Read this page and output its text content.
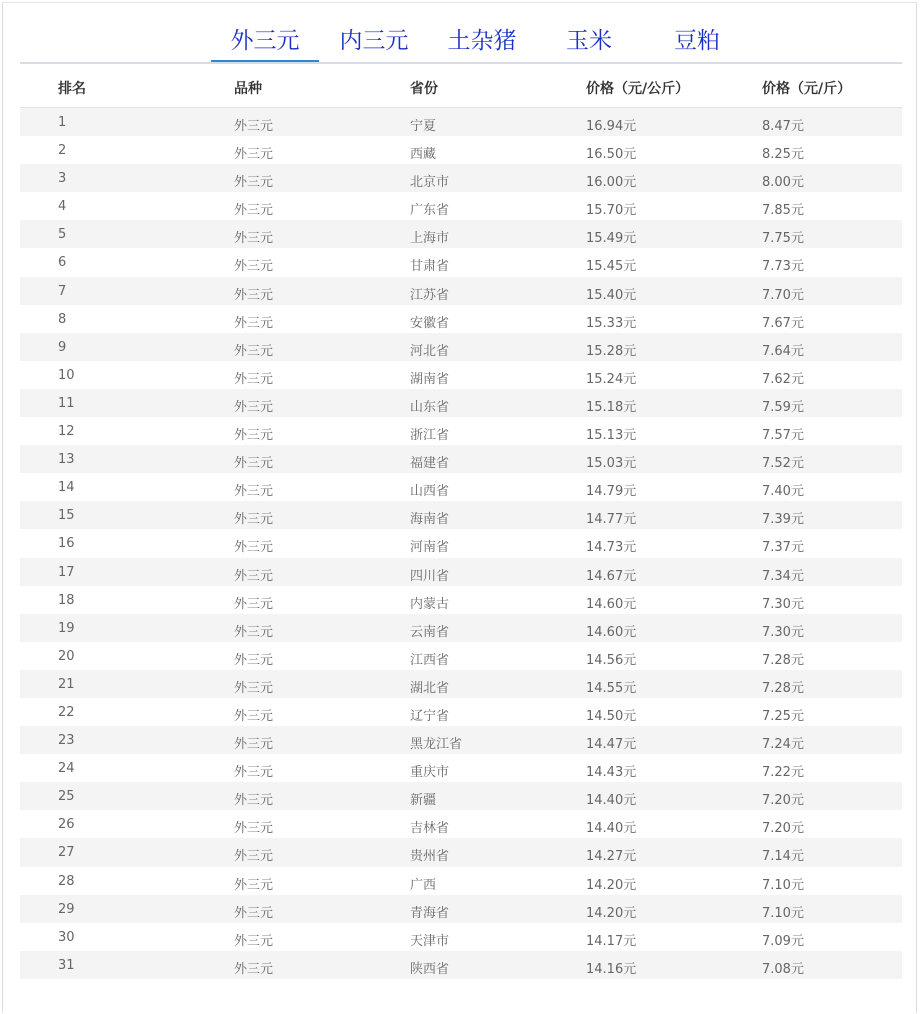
外三元	内三元	土杂猪	玉米	豆粕
排名	品种	省份	价格（元/公斤）	价格（元/斤）
1	外三元	宁夏	16.94元	8.47元
2	外三元	西藏	16.50元	8.25元
3	外三元	北京市	16.00元	8.00元
4	外三元	广东省	15.70元	7.85元
5	外三元	上海市	15.49元	7.75元
6	外三元	甘肃省	15.45元	7.73元
7	外三元	江苏省	15.40元	7.70元
8	外三元	安徽省	15.33元	7.67元
9	外三元	河北省	15.28元	7.64元
10	外三元	湖南省	15.24元	7.62元
11	外三元	山东省	15.18元	7.59元
12	外三元	浙江省	15.13元	7.57元
13	外三元	福建省	15.03元	7.52元
14	外三元	山西省	14.79元	7.40元
15	外三元	海南省	14.77元	7.39元
16	外三元	河南省	14.73元	7.37元
17	外三元	四川省	14.67元	7.34元
18	外三元	内蒙古	14.60元	7.30元
19	外三元	云南省	14.60元	7.30元
20	外三元	江西省	14.56元	7.28元
21	外三元	湖北省	14.55元	7.28元
22	外三元	辽宁省	14.50元	7.25元
23	外三元	黑龙江省	14.47元	7.24元
24	外三元	重庆市	14.43元	7.22元
25	外三元	新疆	14.40元	7.20元
26	外三元	吉林省	14.40元	7.20元
27	外三元	贵州省	14.27元	7.14元
28	外三元	广西	14.20元	7.10元
29	外三元	青海省	14.20元	7.10元
30	外三元	天津市	14.17元	7.09元
31	外三元	陕西省	14.16元	7.08元
